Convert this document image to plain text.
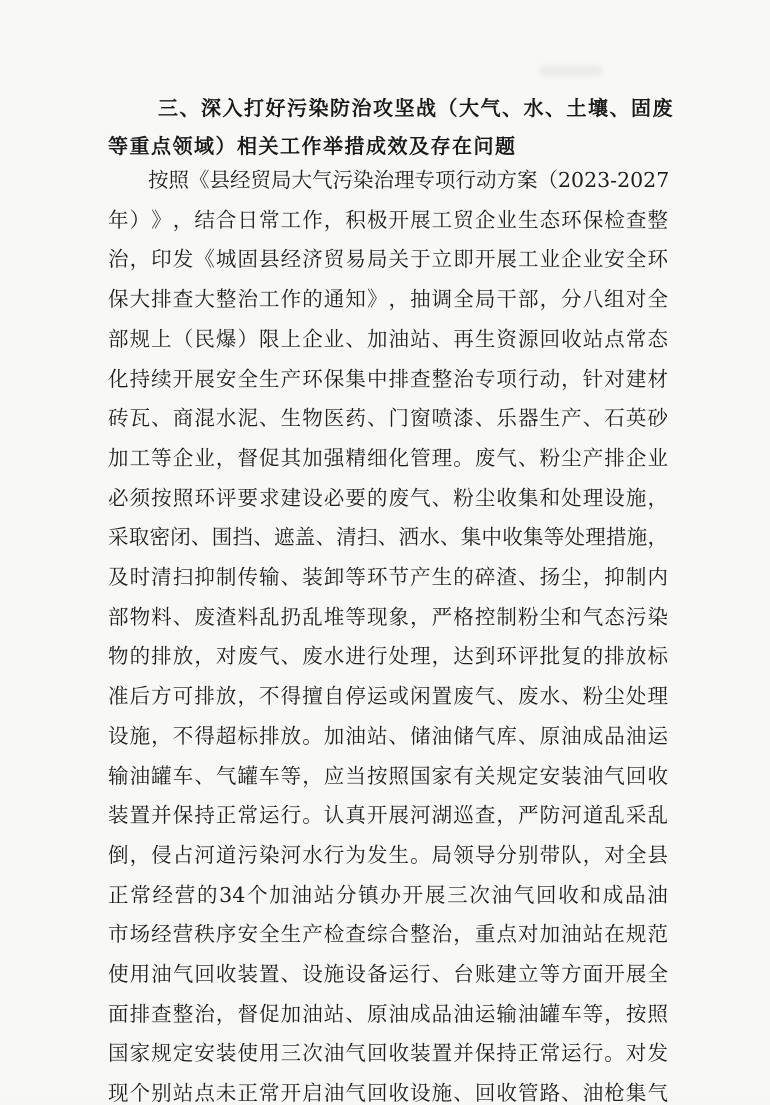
三、深入打好污染防治攻坚战（大气、水、土壤、固废
等重点领域）相关工作举措成效及存在问题
按 照 《 县 经 贸 局 大 气 污 染 治 理 专 项 行 动 方 案 （ 2023-2027
年 ） 》 ， 结 合 日 常 工 作 ， 积 极 开 展 工 贸 企 业 生 态 环 保 检 查 整
治 ， 印 发 《 城 固 县 经 济 贸 易 局 关 于 立 即 开 展 工 业 企 业 安 全 环
保 大 排 查 大 整 治 工 作 的 通 知 》 ， 抽 调 全 局 干 部 ， 分 八 组 对 全
部 规 上 （ 民 爆 ） 限 上 企 业 、 加 油 站 、 再 生 资 源 回 收 站 点 常 态
化 持 续 开 展 安 全 生 产 环 保 集 中 排 查 整 治 专 项 行 动 ， 针 对 建 材
砖 瓦 、 商 混 水 泥 、 生 物 医 药 、 门 窗 喷 漆 、 乐 器 生 产 、 石 英 砂
加 工 等 企 业 ， 督 促 其 加 强 精 细 化 管 理 。 废 气 、 粉 尘 产 排 企 业
必 须 按 照 环 评 要 求 建 设 必 要 的 废 气 、 粉 尘 收 集 和 处 理 设 施 ，
采 取 密 闭 、 围 挡 、 遮 盖 、 清 扫 、 洒 水 、 集 中 收 集 等 处 理 措 施 ，
及 时 清 扫 抑 制 传 输 、 装 卸 等 环 节 产 生 的 碎 渣 、 扬 尘 ， 抑 制 内
部 物 料 、 废 渣 料 乱 扔 乱 堆 等 现 象 ， 严 格 控 制 粉 尘 和 气 态 污 染
物 的 排 放 ， 对 废 气 、 废 水 进 行 处 理 ， 达 到 环 评 批 复 的 排 放 标
准 后 方 可 排 放 ， 不 得 擅 自 停 运 或 闲 置 废 气 、 废 水 、 粉 尘 处 理
设 施 ， 不 得 超 标 排 放 。 加 油 站 、 储 油 储 气 库 、 原 油 成 品 油 运
输 油 罐 车 、 气 罐 车 等 ， 应 当 按 照 国 家 有 关 规 定 安 装 油 气 回 收
装 置 并 保 持 正 常 运 行 。 认 真 开 展 河 湖 巡 查 ， 严 防 河 道 乱 采 乱
倒 ， 侵 占 河 道 污 染 河 水 行 为 发 生 。 局 领 导 分 别 带 队 ， 对 全 县
正 常 经 营 的 34 个 加 油 站 分 镇 办 开 展 三 次 油 气 回 收 和 成 品 油
市 场 经 营 秩 序 安 全 生 产 检 查 综 合 整 治 ， 重 点 对 加 油 站 在 规 范
使 用 油 气 回 收 装 置 、 设 施 设 备 运 行 、 台 账 建 立 等 方 面 开 展 全
面 排 查 整 治 ， 督 促 加 油 站 、 原 油 成 品 油 运 输 油 罐 车 等 ， 按 照
国 家 规 定 安 装 使 用 三 次 油 气 回 收 装 置 并 保 持 正 常 运 行 。 对 发
现 个 别 站 点 未 正 常 开 启 油 气 回 收 设 施 、 回 收 管 路 、 油 枪 集 气
